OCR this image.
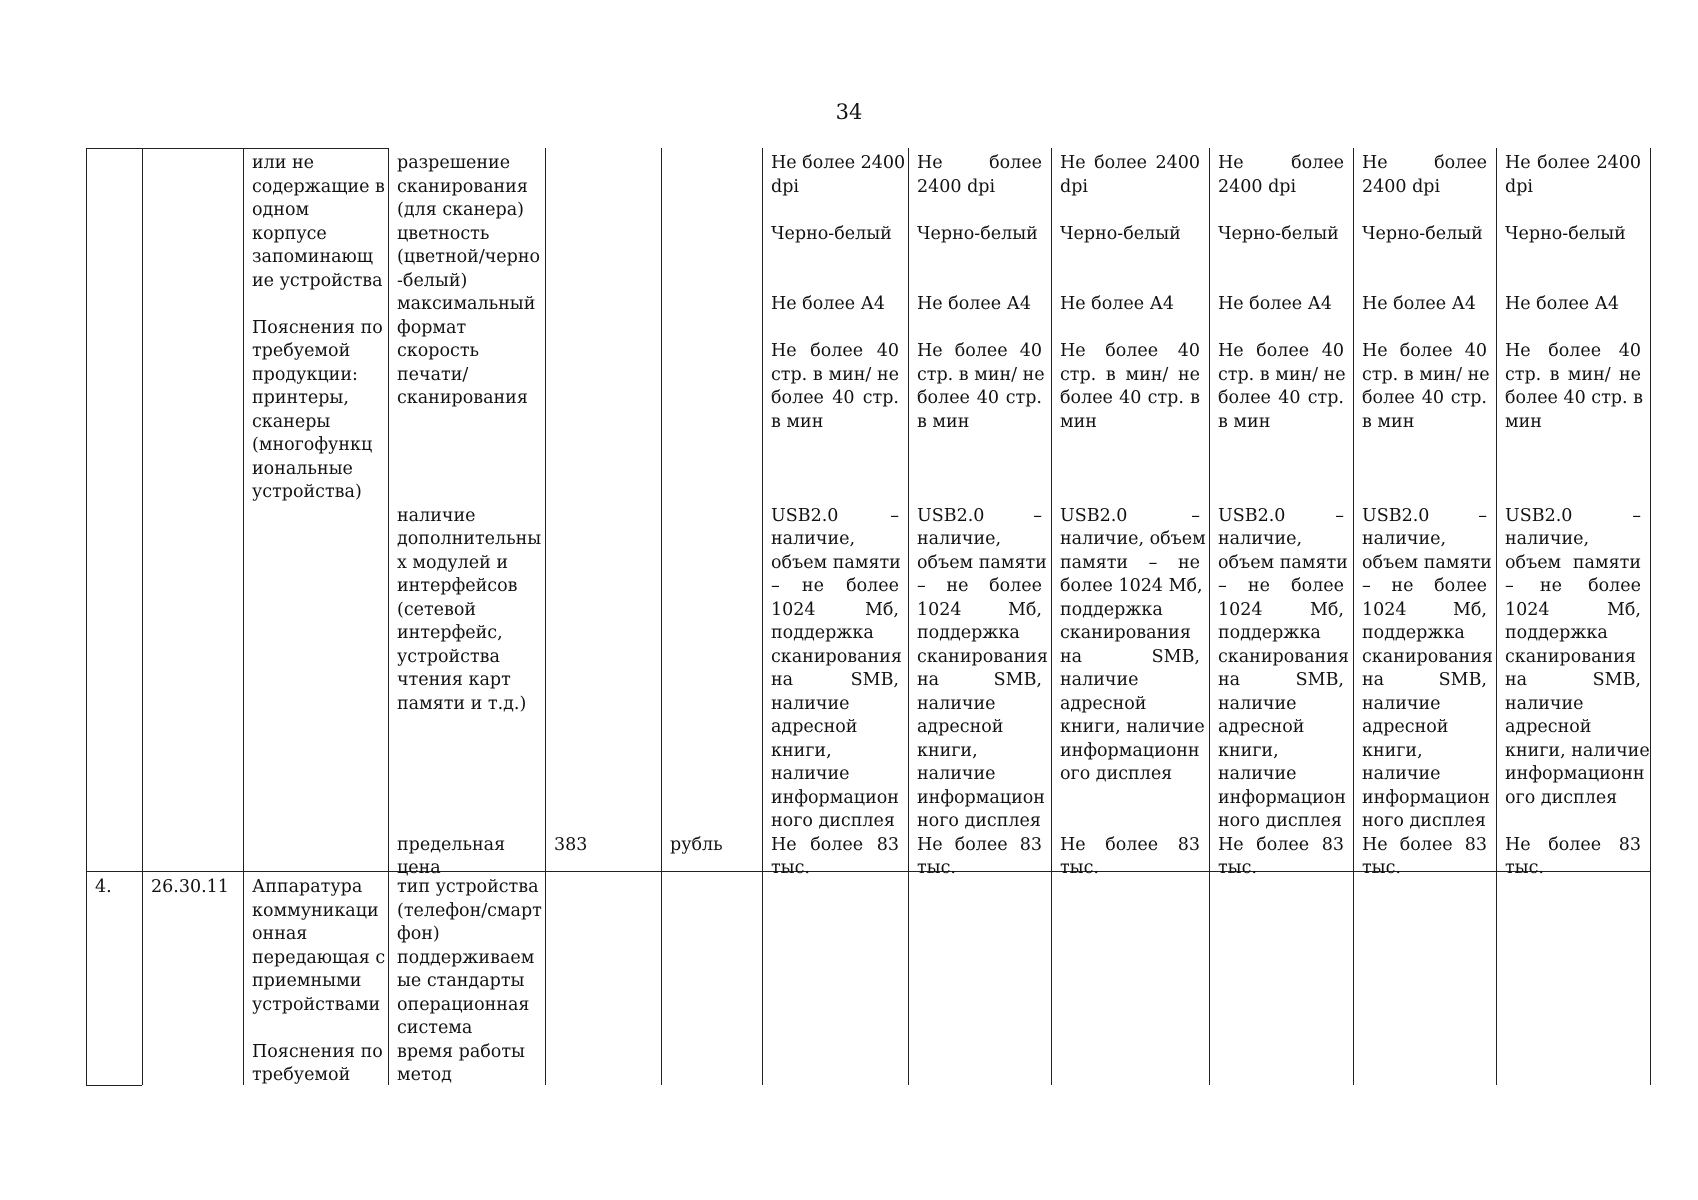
34
или не
содержащие в
одном
корпусе
запоминающ
ие устройства
Пояснения по
требуемой
продукции:
принтеры,
сканеры
(многофункц
иональные
устройства)
разрешение
сканирования
(для сканера)
цветность
(цветной/черно
-белый)
максимальный
формат
скорость
печати/
сканирования
наличие
дополнительны
х модулей и
интерфейсов
(сетевой
интерфейс,
устройства
чтения карт
памяти и т.д.)
предельная
цена
383	рубль
Не более 2400
dpi
Черно-белый
Не более А4
Не более 40
стр. в мин/ не
более 40 стр.
в мин
USB2.0 –
наличие,
объем памяти
– не более
1024 Мб,
поддержка
сканирования
на SMB,
наличие
адресной
книги,
наличие
информацион
ного дисплея
Не более 83
тыс.
Не более
2400 dpi
Черно-белый
Не более А4
Не более 40
стр. в мин/ не
более 40 стр.
в мин
USB2.0 –
наличие,
объем памяти
– не более
1024 Мб,
поддержка
сканирования
на SMB,
наличие
адресной
книги,
наличие
информацион
ного дисплея
Не более 83
тыс.
Не более 2400
dpi
Черно-белый
Не более А4
Не более 40
стр. в мин/ не
более 40 стр. в
мин
USB2.0 –
наличие, объем
памяти – не
более 1024 Мб,
поддержка
сканирования
на SMB,
наличие
адресной
книги, наличие
информационн
ого дисплея
Не более 83
тыс.
Не более
2400 dpi
Черно-белый
Не более А4
Не более 40
стр. в мин/ не
более 40 стр.
в мин
USB2.0 –
наличие,
объем памяти
– не более
1024 Мб,
поддержка
сканирования
на SMB,
наличие
адресной
книги,
наличие
информацион
ного дисплея
Не более 83
тыс.
Не более
2400 dpi
Черно-белый
Не более А4
Не более 40
стр. в мин/ не
более 40 стр.
в мин
USB2.0 –
наличие,
объем памяти
– не более
1024 Мб,
поддержка
сканирования
на SMB,
наличие
адресной
книги,
наличие
информацион
ного дисплея
Не более 83
тыс.
Не более 2400
dpi
Черно-белый
Не более А4
Не более 40
стр. в мин/ не
более 40 стр. в
мин
USB2.0 –
наличие,
объем памяти
– не более
1024 Мб,
поддержка
сканирования
на SMB,
наличие
адресной
книги, наличие
информационн
ого дисплея
Не более 83
тыс.
4. 26.30.11 Аппаратура
коммуникаци
онная
передающая с
приемными
устройствами
Пояснения по
требуемой
тип устройства
(телефон/смарт
фон)
поддерживаем
ые стандарты
операционная
система
время работы
метод
